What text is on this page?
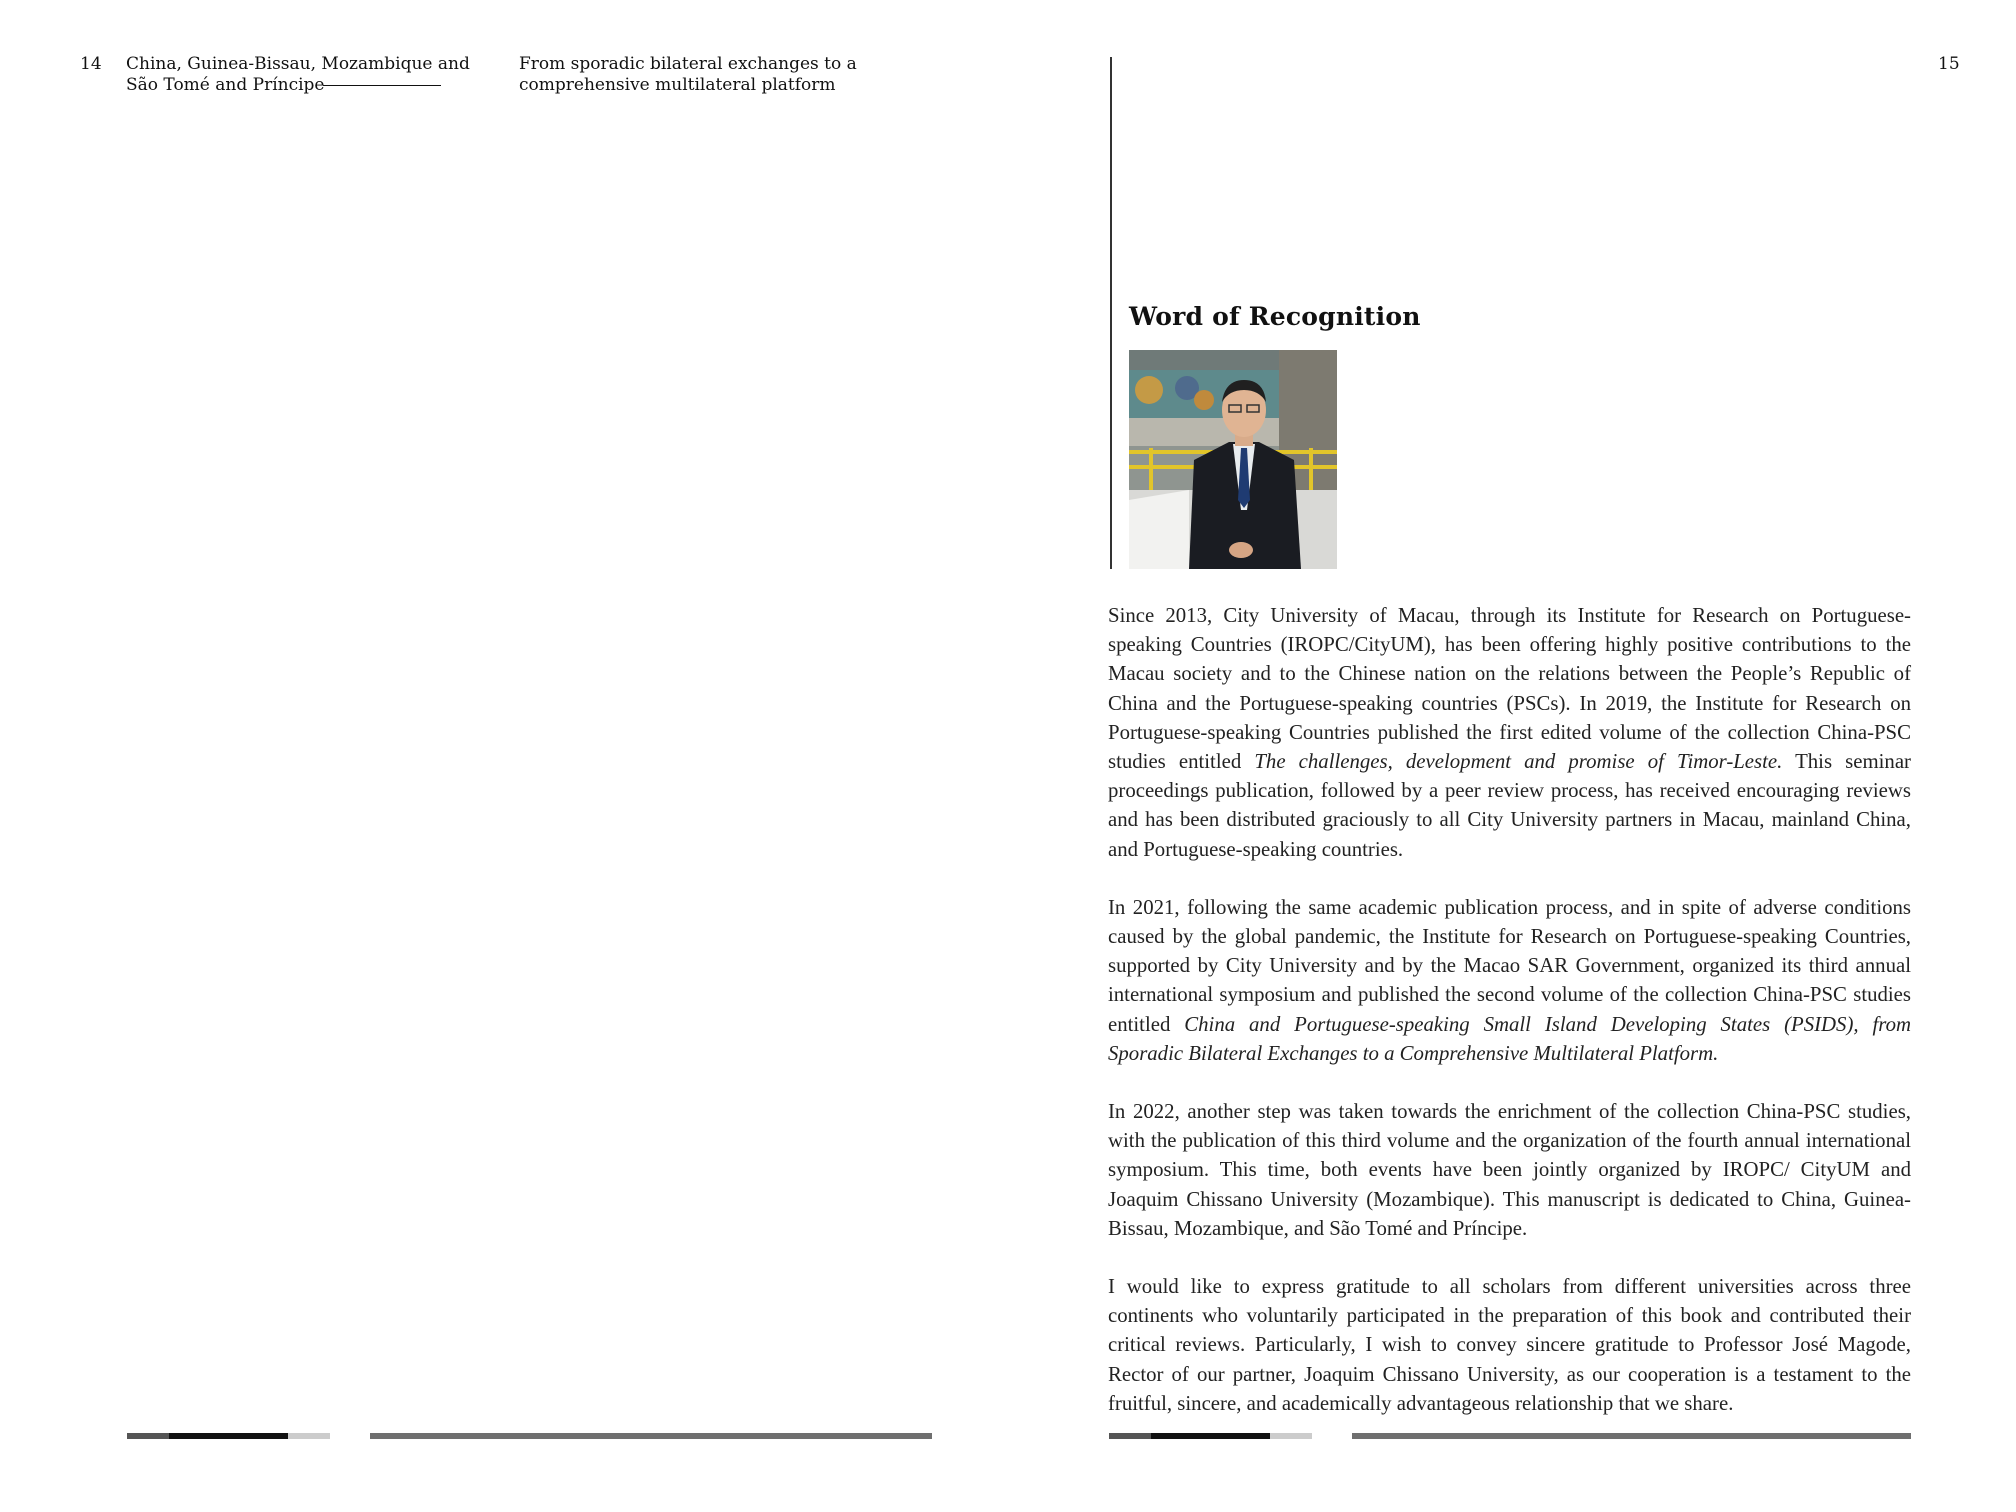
14 China, Guinea-Bissau, Mozambique and
São Tomé and Príncipe
From sporadic bilateral exchanges to a
comprehensive multilateral platform
15
Word of Recognition

Since 2013, City University of Macau, through its Institute for Research on Portuguese-speaking Countries (IROPC/CityUM), has been offering highly positive contributions to the Macau society and to the Chinese nation on the relations between the People’s Republic of China and the Portuguese-speaking countries (PSCs). In 2019, the Institute for Research on Portuguese-speaking Countries published the first edited volume of the collection China-PSC studies entitled The challenges, development and promise of Timor-Leste. This seminar proceedings publication, followed by a peer review process, has received encouraging reviews and has been distributed graciously to all City University partners in Macau, mainland China, and Portuguese-speaking countries.

In 2021, following the same academic publication process, and in spite of adverse conditions caused by the global pandemic, the Institute for Research on Portuguese-speaking Countries, supported by City University and by the Macao SAR Government, organized its third annual international symposium and published the second volume of the collection China-PSC studies entitled China and Portuguese-speaking Small Island Developing States (PSIDS), from Sporadic Bilateral Exchanges to a Comprehensive Multilateral Platform.

In 2022, another step was taken towards the enrichment of the collection China-PSC studies, with the publication of this third volume and the organization of the fourth annual international symposium. This time, both events have been jointly organized by IROPC/ CityUM and Joaquim Chissano University (Mozambique). This manuscript is dedicated to China, Guinea-Bissau, Mozambique, and São Tomé and Príncipe.

I would like to express gratitude to all scholars from different universities across three continents who voluntarily participated in the preparation of this book and contributed their critical reviews. Particularly, I wish to convey sincere gratitude to Professor José Magode, Rector of our partner, Joaquim Chissano University, as our cooperation is a testament to the fruitful, sincere, and academically advantageous relationship that we share.
